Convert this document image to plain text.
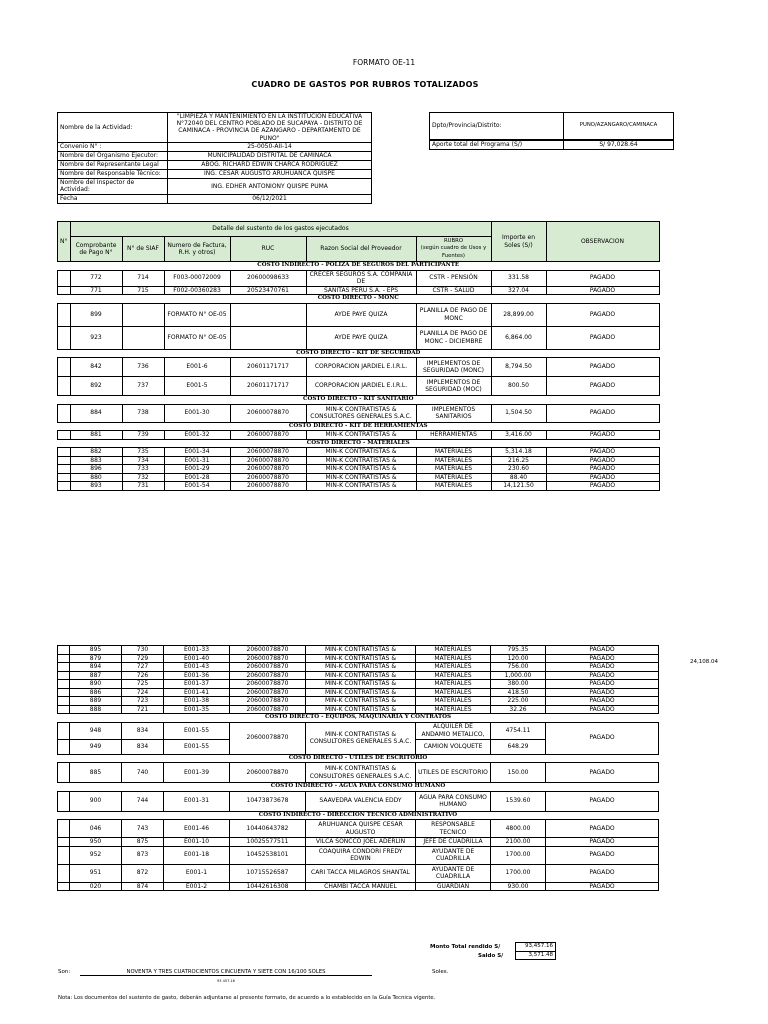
FORMATO OE-11
CUADRO DE GASTOS POR RUBROS TOTALIZADOS
Nombre de la Actividad:	"LIMPIEZA Y MANTENIMIENTO EN LA INSTITUCION EDUCATIVA N°72040 DEL CENTRO POBLADO DE SUCAPAYA - DISTRITO DE CAMINACA - PROVINCIA DE AZANGARO - DEPARTAMENTO DE PUNO"
Convenio N° :	25-0050-AII-14
Nombre del Organismo Ejecutor:	MUNICIPALIDAD DISTRITAL DE CAMINACA
Nombre del Representante Legal	ABOG. RICHARD EDWIN CHARCA RODRIGUEZ
Nombre del Responsable Técnico:	ING. CESAR AUGUSTO ARUHUANCA QUISPE
Nombre del Inspector de Actividad:	ING. EDHER ANTONIONY QUISPE PUMA
Fecha	06/12/2021
Dpto/Provincia/Distrito:	PUNO/AZANGARO/CAMINACA
Aporte total del Programa (S/)	S/ 97,028.64
N°	Detalle del sustento de los gastos ejecutados						Importe en Soles (S/)	OBSERVACION
	Comprobante de Pago N°	N° de SIAF	Numero de Factura, R.H. y otros)	RUC	Razon Social del Proveedor	RUBRO
(según cuadro de Usos y Fuentes)		
COSTO INDIRECTO - POLIZA DE SEGUROS DEL PARTICIPANTE								
	772	714	F003-00072009	20600098633	CRECER SEGUROS S.A. COMPAÑIA DE	CSTR - PENSIÓN	331.58	PAGADO
	771	715	F002-00360283	20523470761	SANITAS PERU S.A. - EPS	CSTR - SALUD	327.04	PAGADO
COSTO DIRECTO - MONC								
	899		FORMATO N° OE-05		AYDE PAYE QUIZA	PLANILLA DE PAGO DE MONC	28,899.00	PAGADO
	923		FORMATO N° OE-05		AYDE PAYE QUIZA	PLANILLA DE PAGO DE MONC - DICIEMBRE	6,864.00	PAGADO
COSTO DIRECTO - KIT DE SEGURIDAD								
	842	736	E001-6	20601171717	CORPORACION JARDIEL E.I.R.L.	IMPLEMENTOS DE SEGURIDAD (MONC)	8,794.50	PAGADO
	892	737	E001-5	20601171717	CORPORACION JARDIEL E.I.R.L.	IMPLEMENTOS DE SEGURIDAD (MOC)	800.50	PAGADO
COSTO DIRECTO - KIT SANITARIO								
	884	738	E001-30	20600078870	MIN-K CONTRATISTAS & CONSULTORES GENERALES S.A.C.	IMPLEMENTOS SANITARIOS	1,504.50	PAGADO
COSTO DIRECTO - KIT DE HERRAMIENTAS								
	881	739	E001-32	20600078870	MIN-K CONTRATISTAS &	HERRAMIENTAS	3,416.00	PAGADO
COSTO DIRECTO - MATERIALES								
	882	735	E001-34	20600078870	MIN-K CONTRATISTAS &	MATERIALES	5,314.18	PAGADO
	883	734	E001-31	20600078870	MIN-K CONTRATISTAS &	MATERIALES	216.25	PAGADO
	896	733	E001-29	20600078870	MIN-K CONTRATISTAS &	MATERIALES	230.60	PAGADO
	880	732	E001-28	20600078870	MIN-K CONTRATISTAS &	MATERIALES	88.40	PAGADO
	893	731	E001-54	20600078870	MIN-K CONTRATISTAS &	MATERIALES	14,121.50	PAGADO
	895	730	E001-33	20600078870	MIN-K CONTRATISTAS &	MATERIALES	795.35	PAGADO
	879	729	E001-40	20600078870	MIN-K CONTRATISTAS &	MATERIALES	120.00	PAGADO
	894	727	E001-43	20600078870	MIN-K CONTRATISTAS &	MATERIALES	756.00	PAGADO
	887	726	E001-36	20600078870	MIN-K CONTRATISTAS &	MATERIALES	1,000.00	PAGADO
	890	725	E001-37	20600078870	MIN-K CONTRATISTAS &	MATERIALES	380.00	PAGADO
	886	724	E001-41	20600078870	MIN-K CONTRATISTAS &	MATERIALES	418.50	PAGADO
	889	723	E001-38	20600078870	MIN-K CONTRATISTAS &	MATERIALES	225.00	PAGADO
	888	721	E001-35	20600078870	MIN-K CONTRATISTAS &	MATERIALES	32.26	PAGADO
COSTO DIRECTO - EQUIPOS, MAQUINARIA Y CONTRATOS								
	948	834	E001-55	20600078870	MIN-K CONTRATISTAS & CONSULTORES GENERALES S.A.C.	ALQUILER DE ANDAMIO METALICO,	4754.11	PAGADO
	949	834	E001-55			CAMION VOLQUETE	648.29	
COSTO DIRECTO - UTILES DE ESCRITORIO								
	885	740	E001-39	20600078870	MIN-K CONTRATISTAS & CONSULTORES GENERALES S.A.C.	UTILES DE ESCRITORIO	150.00	PAGADO
COSTO INDIRECTO - AGUA PARA CONSUMO HUMANO								
	900	744	E001-31	10473873678	SAAVEDRA VALENCIA EDDY	AGUA PARA CONSUMO HUMANO	1539.60	PAGADO
COSTO INDIRECTO - DIRECCION TECNICO ADMINISTRATIVO								
	046	743	E001-46	10440643782	ARUHUANCA QUISPE CESAR AUGUSTO	RESPONSABLE TECNICO	4800.00	PAGADO
	950	875	E001-10	10025577511	VILCA SONCCO JOEL ADERLIN	JEFE DE CUADRILLA	2100.00	PAGADO
	952	873	E001-18	10452538101	COAQUIRA CONDORI FREDY EDWIN	AYUDANTE DE CUADRILLA	1700.00	PAGADO
	951	872	E001-1	10715526587	CARI TACCA MILAGROS SHANTAL	AYUDANTE DE CUADRILLA	1700.00	PAGADO
	020	874	E001-2	10442616308	CHAMBI TACCA MANUEL	GUARDIAN	930.00	PAGADO
24,108.04
Monto Total rendido S/
Saldo S/
93,457.16
3,571.48
Son:	NOVENTA Y TRES CUATROCIENTOS CINCUENTA Y SIETE CON 16/100 SOLES
93 457.16
Soles.
Nota: Los documentos del sustento de gasto, deberán adjuntarse al presente formato, de acuerdo a lo establecido en la Guía Tecnica vigente.
